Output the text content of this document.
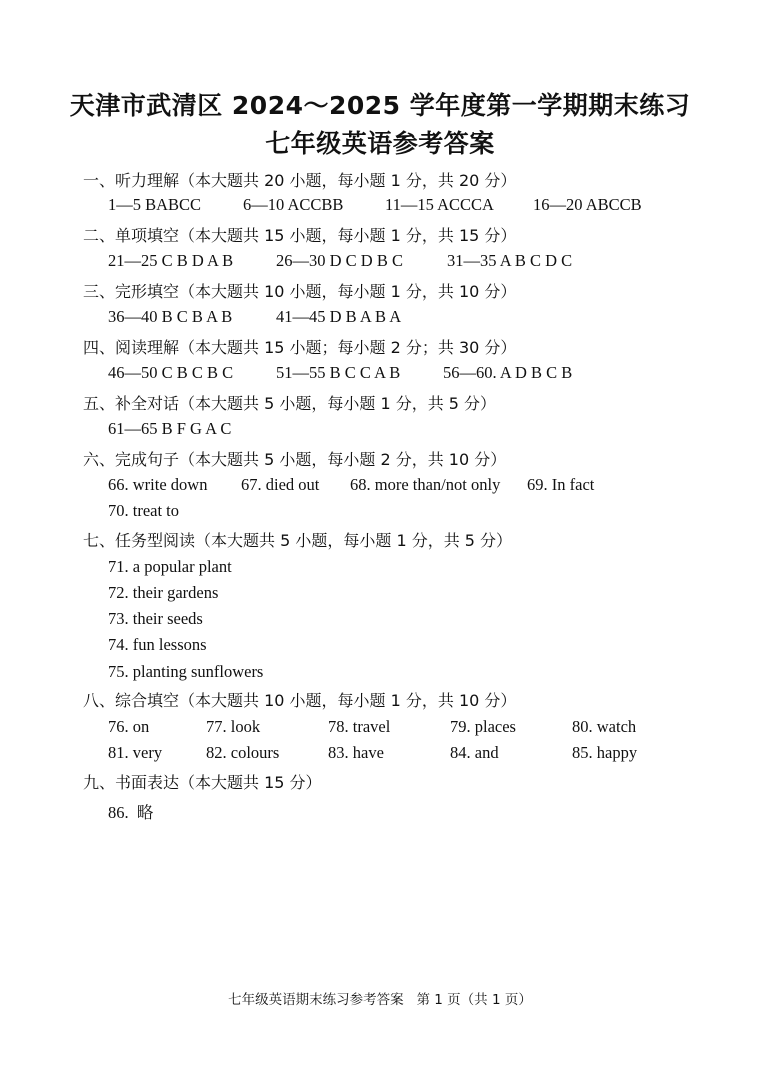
天津市武清区 2024～2025 学年度第一学期期末练习
七年级英语参考答案
一、听力理解（本大题共 20 小题，每小题 1 分，共 20 分）
1—5 BABCC	6—10 ACCBB	11—15 ACCCA 16—20 ABCCB
二、单项填空（本大题共 15 小题，每小题 1 分，共 15 分）
21—25 C B D A B	26—30 D C D B C	31—35 A B C D C
三、完形填空（本大题共 10 小题，每小题 1 分，共 10 分）
36—40 B C B A B	41—45 D B A B A
四、阅读理解（本大题共 15 小题；每小题 2 分；共 30 分）
46—50 C B C B C	51—55 B C C A B	56—60. A D B C B
五、补全对话（本大题共 5 小题，每小题 1 分，共 5 分）
61—65 B F G A C
六、完成句子（本大题共 5 小题，每小题 2 分，共 10 分）
66. write down 67. died out 68. more than/not only 69. In fact
70. treat to
七、任务型阅读（本大题共 5 小题，每小题 1 分，共 5 分）
71. a popular plant
72. their gardens
73. their seeds
74. fun lessons
75. planting sunflowers
八、综合填空（本大题共 10 小题，每小题 1 分，共 10 分）
76. on	77. look	78. travel	79. places	80. watch
81. very	82. colours	83. have	84. and	85. happy
九、书面表达（本大题共 15 分）
86.  略
七年级英语期末练习参考答案   第 1 页（共 1 页）
